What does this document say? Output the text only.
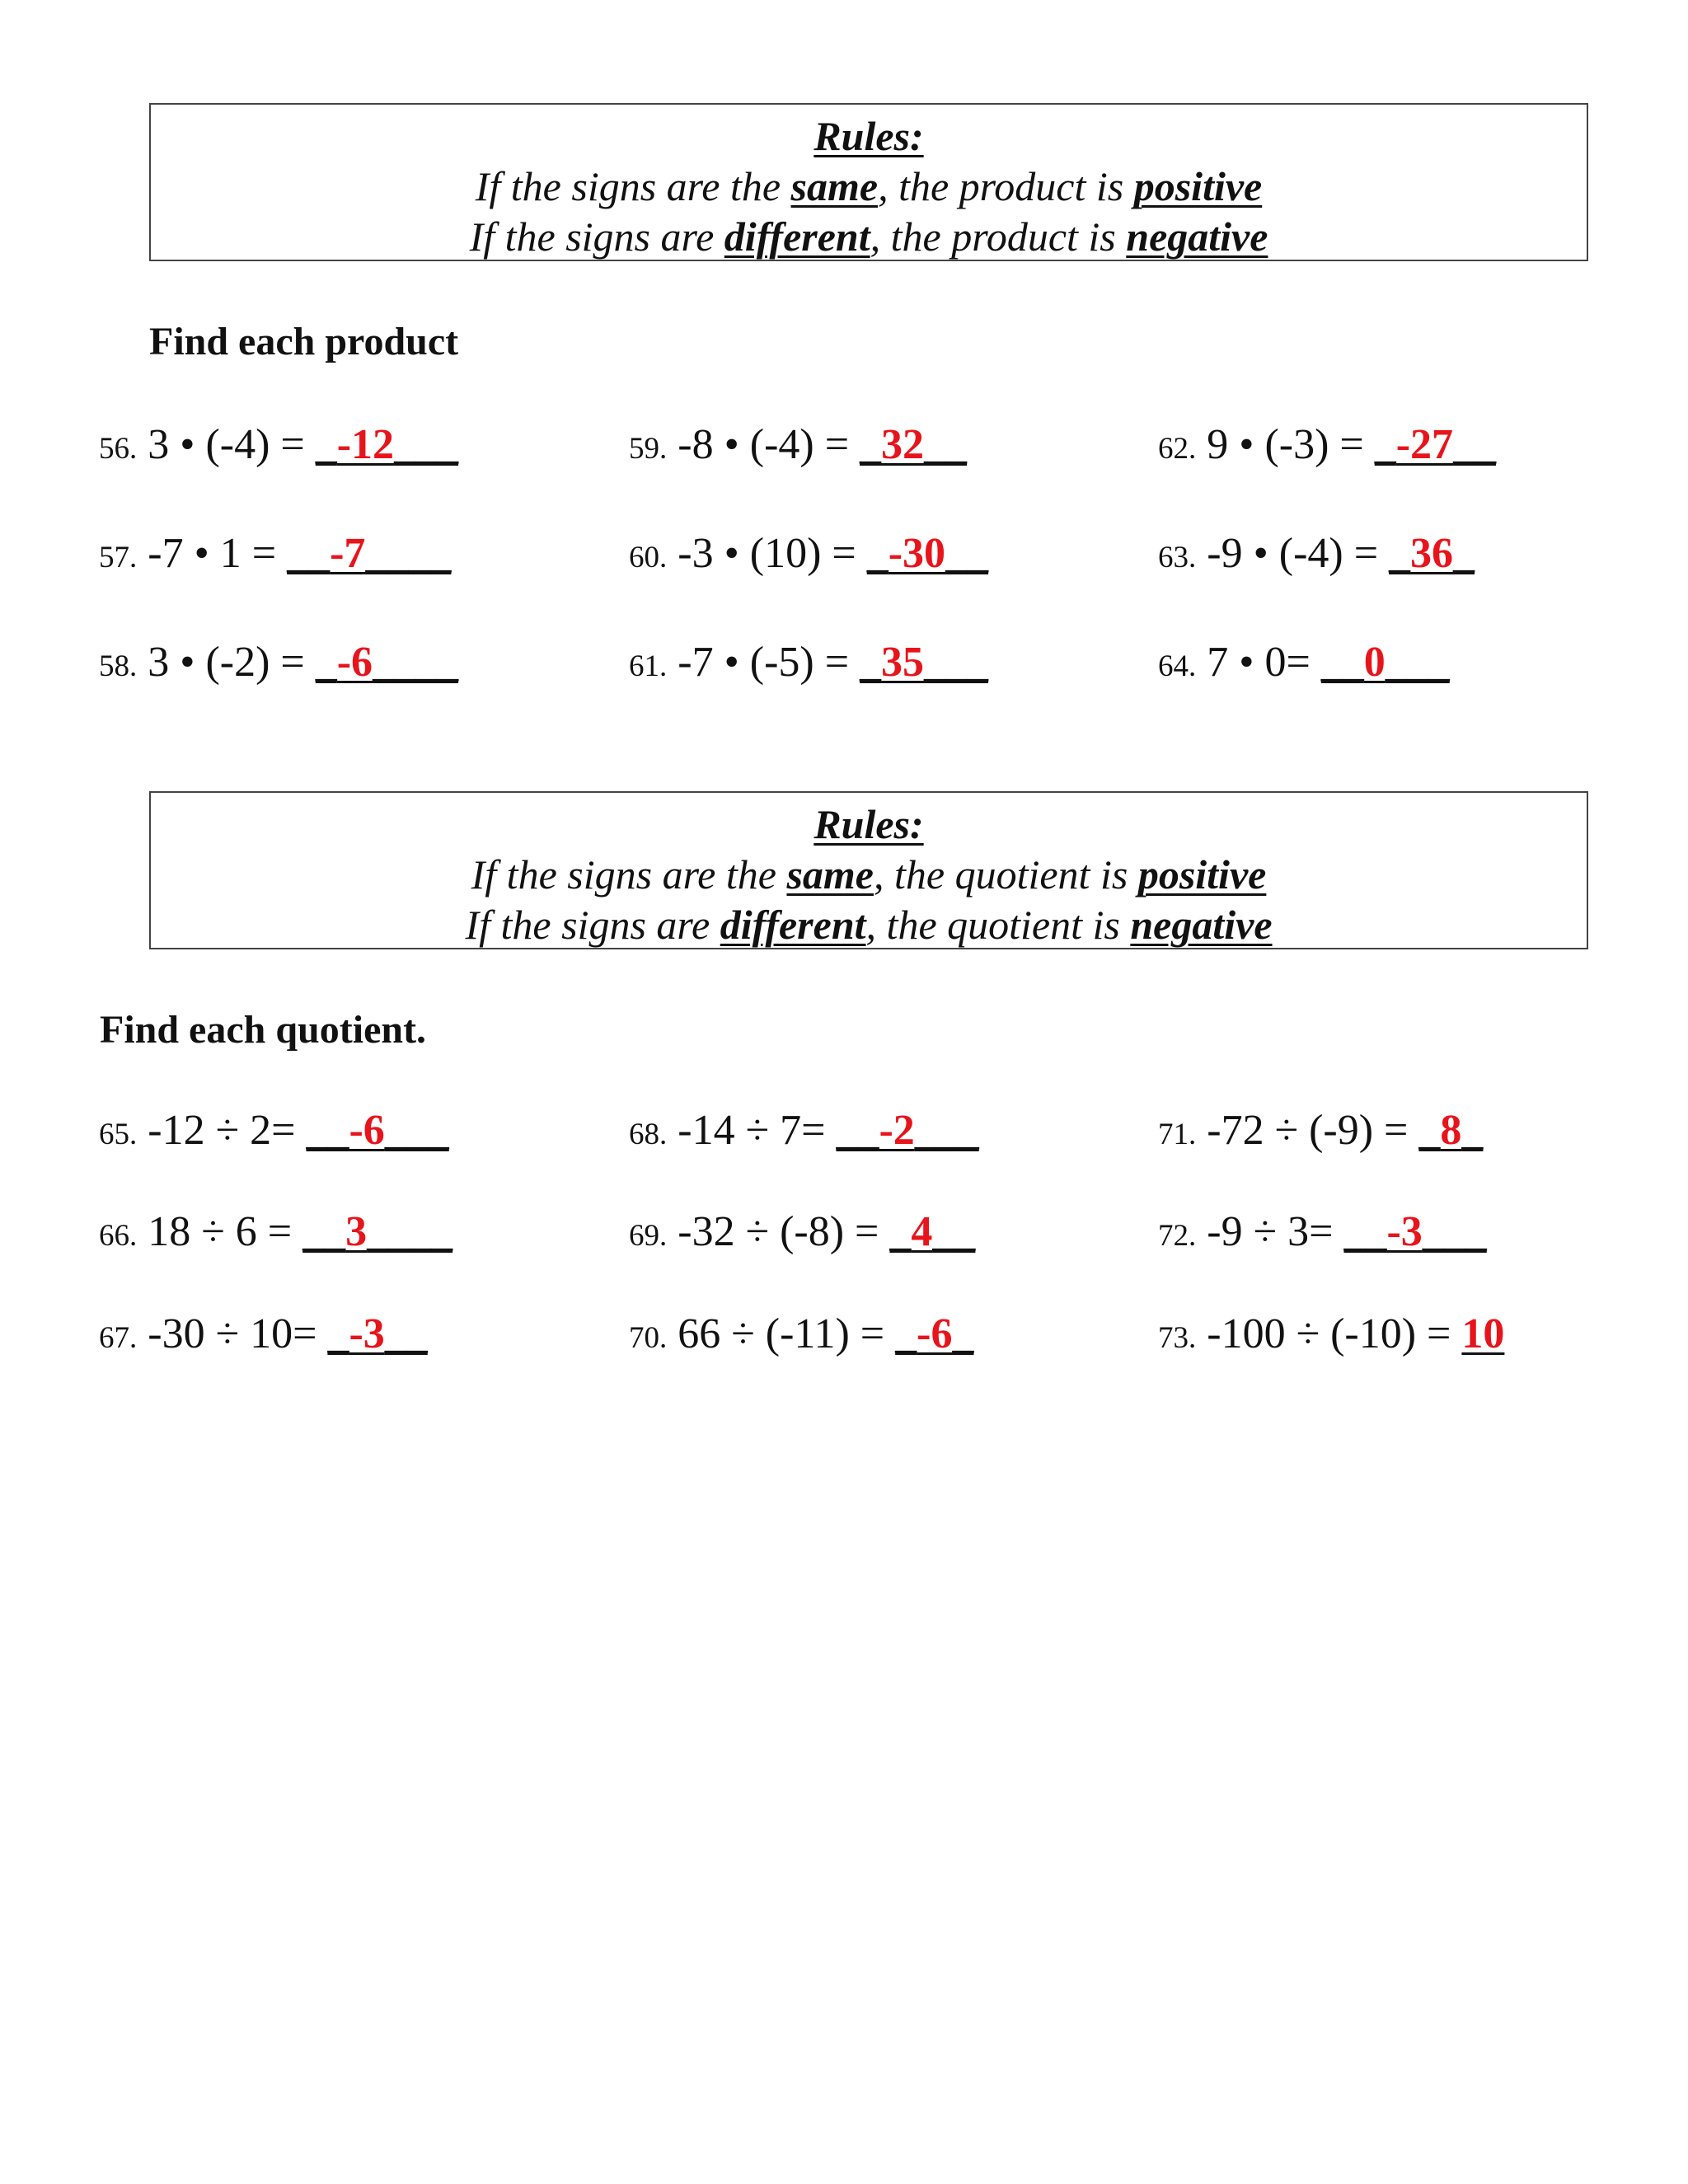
Rules:
If the signs are the same, the product is positive
If the signs are different, the product is negative
Find each product
56. 3 • (-4) = _-12___
57. -7 • 1 = __-7____
58. 3 • (-2) = _-6____
59. -8 • (-4) = _32__
60. -3 • (10) = _-30__
61. -7 • (-5) = _35___
62. 9 • (-3) = _-27__
63. -9 • (-4) = _36_
64. 7 • 0= __0___
Rules:
If the signs are the same, the quotient is positive
If the signs are different, the quotient is negative
Find each quotient.
65. -12 ÷ 2= __-6___
66. 18 ÷ 6 = __3____
67. -30 ÷ 10= _-3__
68. -14 ÷ 7= __-2___
69. -32 ÷ (-8) = _4__
70. 66 ÷ (-11) = _-6_
71. -72 ÷ (-9) = _8_
72. -9 ÷ 3= __-3___
73. -100 ÷ (-10) = 10
